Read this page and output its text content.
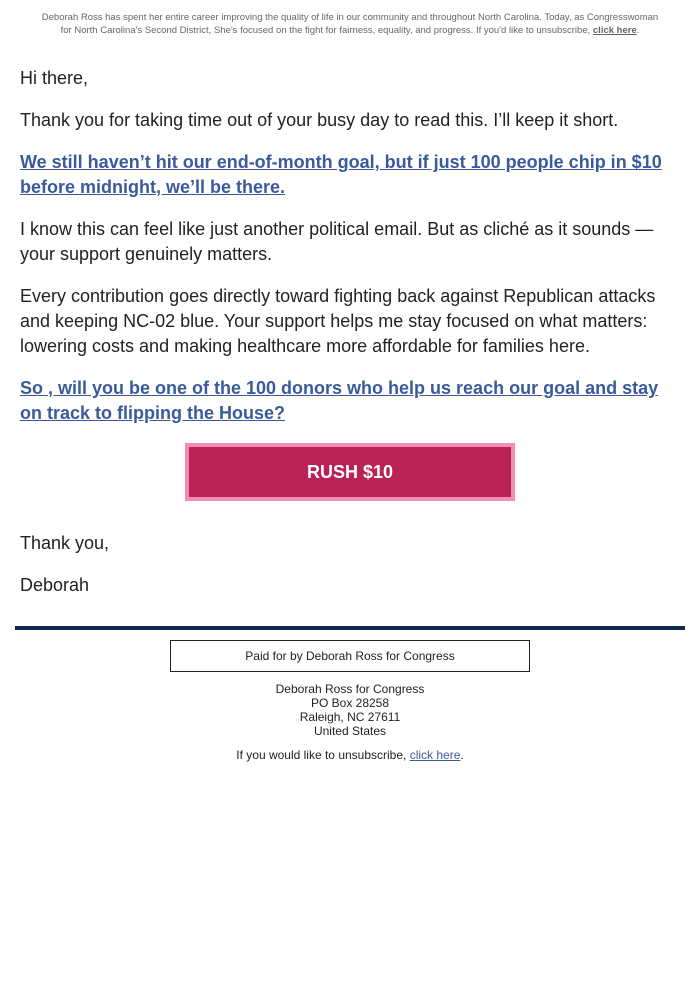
Deborah Ross has spent her entire career improving the quality of life in our community and throughout North Carolina. Today, as Congresswoman for North Carolina's Second District, She's focused on the fight for fairness, equality, and progress. If you'd like to unsubscribe, click here.

Hi there,

Thank you for taking time out of your busy day to read this. I’ll keep it short.

We still haven’t hit our end-of-month goal, but if just 100 people chip in $10 before midnight, we’ll be there.

I know this can feel like just another political email. But as cliché as it sounds — your support genuinely matters.

Every contribution goes directly toward fighting back against Republican attacks and keeping NC-02 blue. Your support helps me stay focused on what matters: lowering costs and making healthcare more affordable for families here.

So , will you be one of the 100 donors who help us reach our goal and stay on track to flipping the House?

RUSH $10

Thank you,

Deborah

Paid for by Deborah Ross for Congress
Deborah Ross for Congress
PO Box 28258
Raleigh, NC 27611
United States
If you would like to unsubscribe, click here.
